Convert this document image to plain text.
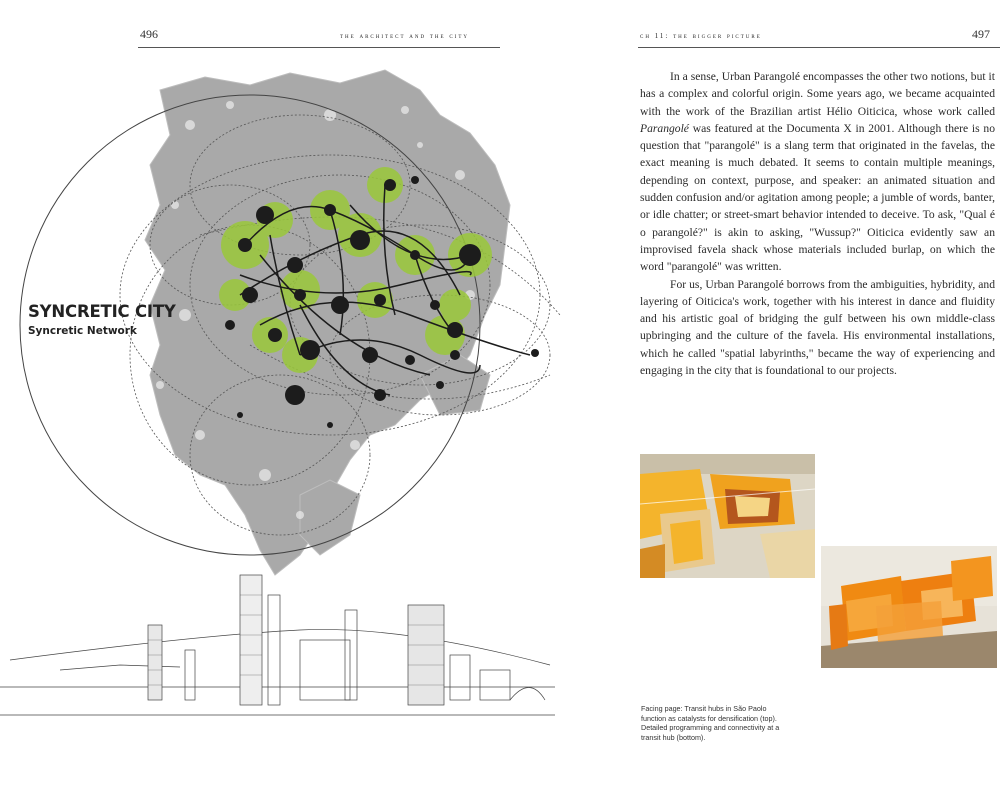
496	the architect and the city
SYNCRETIC CITY
Syncretic Network
ch 11: the bigger picture	497

In a sense, Urban Parangolé encompasses the other two notions, but it has a complex and colorful origin. Some years ago, we became acquainted with the work of the Brazilian artist Hélio Oiticica, whose work called Parangolé was featured at the Documenta X in 2001. Although there is no question that "parangolé" is a slang term that originated in the favelas, the exact meaning is much debated. It seems to contain multiple meanings, depending on context, purpose, and speaker: an animated situation and sudden confusion and/or agitation among people; a jumble of words, banter, or idle chatter; or street-smart behavior intended to deceive. To ask, "Qual é o parangolé?" is akin to asking, "Wussup?" Oiticica evidently saw an improvised favela shack whose materials included burlap, on which the word "parangolé" was written.

For us, Urban Parangolé borrows from the ambiguities, hybridity, and layering of Oiticica's work, together with his interest in dance and fluidity and his artistic goal of bridging the gulf between his own middle-class upbringing and the culture of the favela. His environmental installations, which he called "spatial labyrinths," became the way of experiencing and engaging in the city that is foundational to our projects.

Facing page: Transit hubs in São Paolo function as catalysts for densification (top). Detailed programming and connectivity at a transit hub (bottom).
